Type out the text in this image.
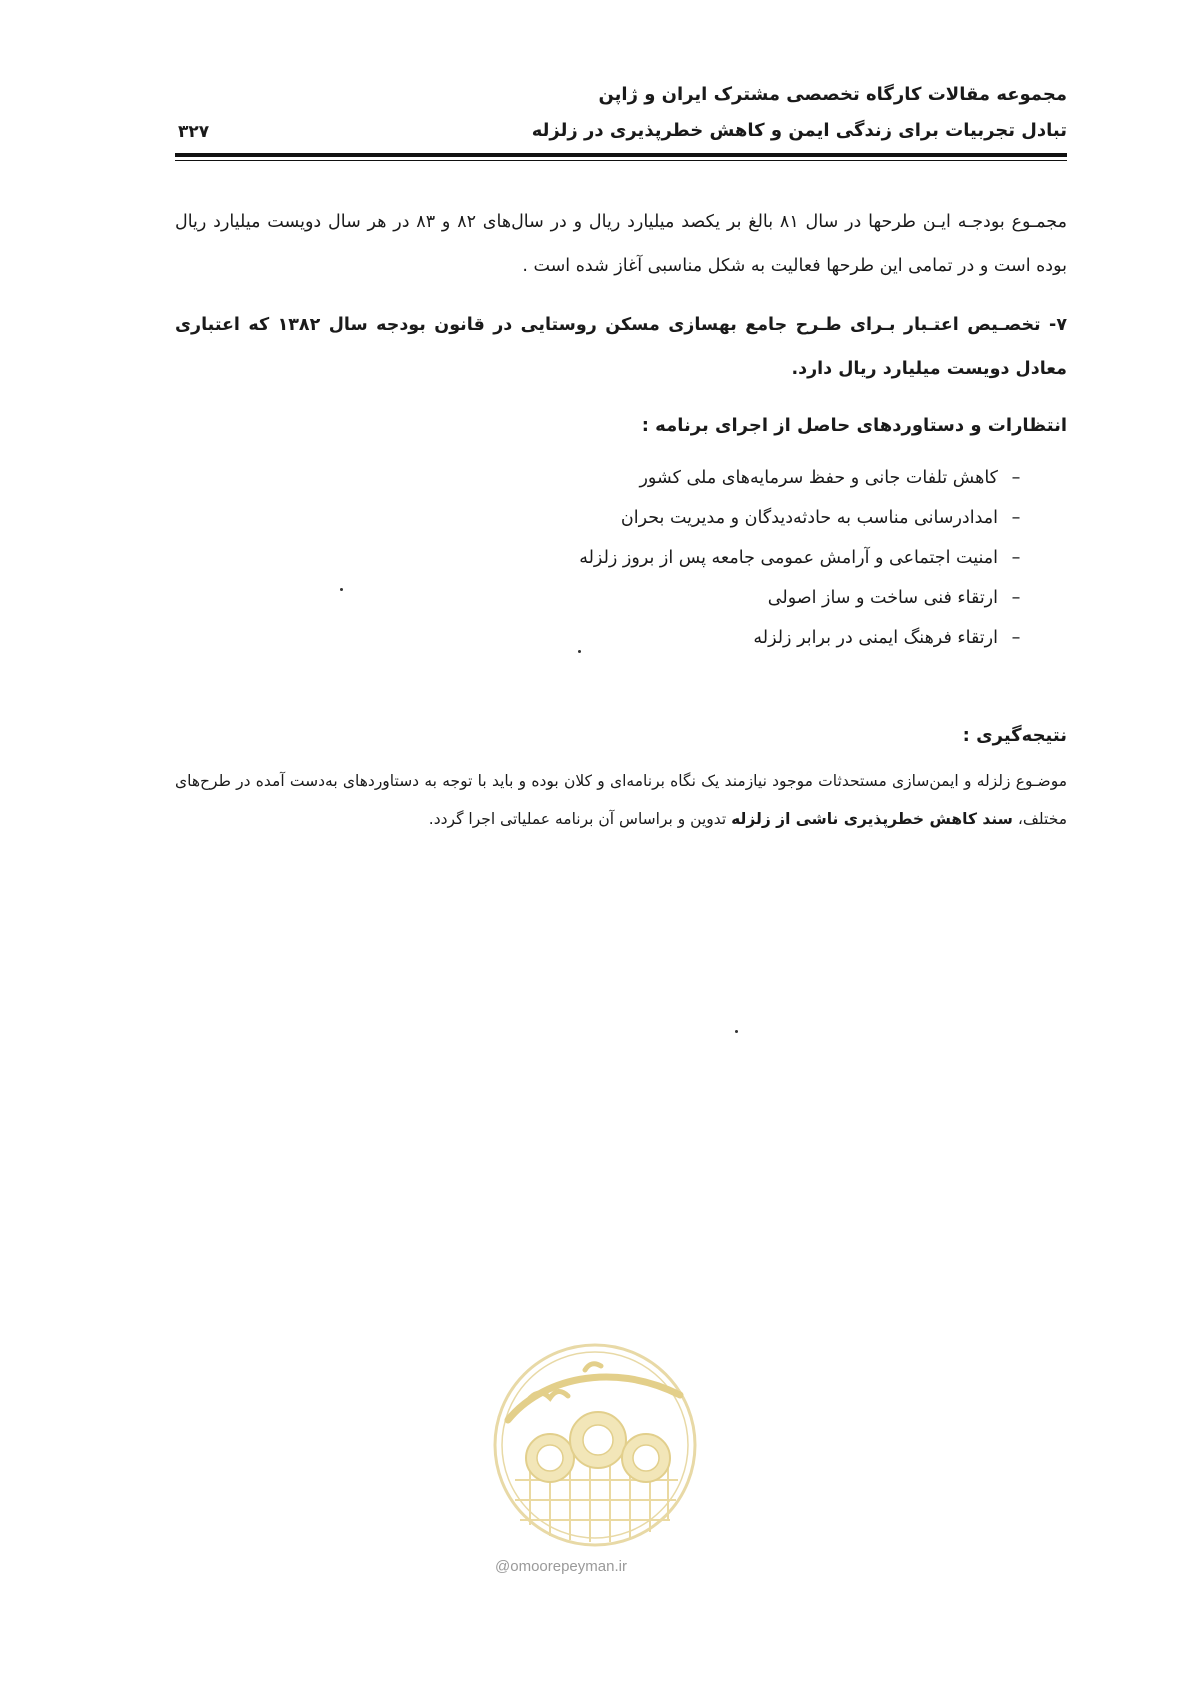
مجموعه مقالات کارگاه تخصصی مشترک ایران و ژاپن
تبادل تجربیات برای زندگی ایمن و کاهش خطرپذیری در زلزله
۳۲۷

مجمـوع بودجـه ایـن طرحها در سال ۸۱ بالغ بر یکصد میلیارد ریال و در سال‌های ۸۲ و ۸۳ در هر سال دویست میلیارد ریال بوده است و در تمامی این طرحها فعالیت به شکل مناسبی آغاز شده است .

۷- تخصـیص اعتـبار بـرای طـرح جامع بهسازی مسکن روستایی در قانون بودجه سال ۱۳۸۲ که اعتباری معادل دویست میلیارد ریال دارد.

انتظارات و دستاوردهای حاصل از اجرای برنامه :
–کاهش تلفات جانی و حفظ سرمایه‌های ملی کشور
–امدادرسانی مناسب به حادثه‌دیدگان و مدیریت بحران
–امنیت اجتماعی و آرامش عمومی جامعه پس از بروز زلزله
–ارتقاء فنی ساخت و ساز اصولی
–ارتقاء فرهنگ ایمنی در برابر زلزله
نتیجه‌گیری :

موضـوع زلزله و ایمن‌سازی مستحدثات موجود نیازمند یک نگاه برنامه‌ای و کلان بوده و باید با توجه به دستاوردهای به‌دست آمده در طرح‌های مختلف، سند کاهش خطرپذیری ناشی از زلزله تدوین و براساس آن برنامه عملیاتی اجرا گردد.

@omoorepeyman.ir
